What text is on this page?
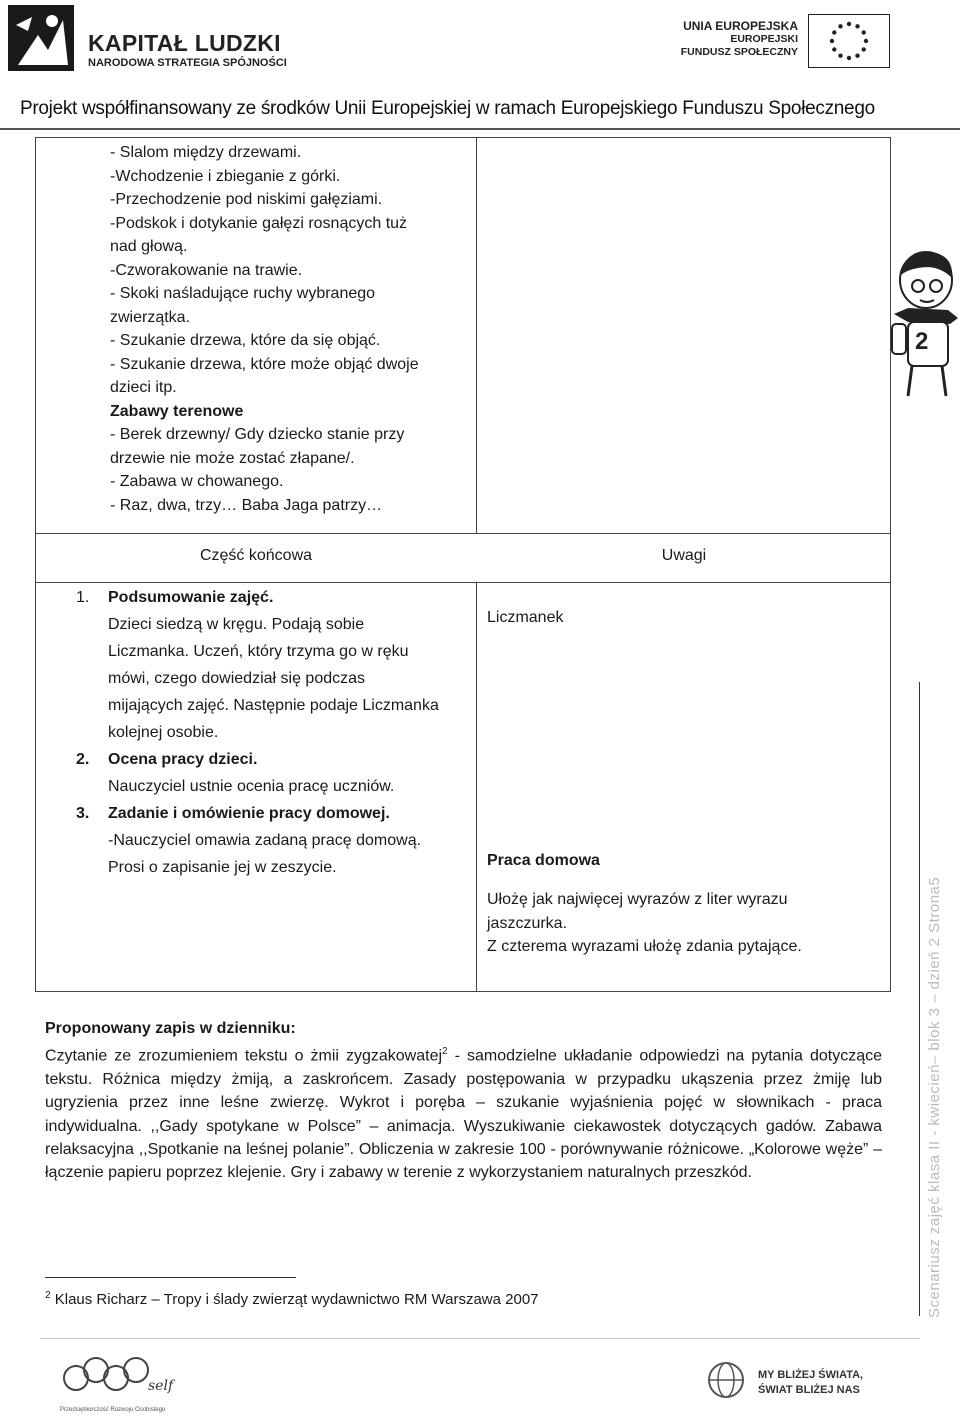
KAPITAŁ LUDZKI
NARODOWA STRATEGIA SPÓJNOŚCI
UNIA EUROPEJSKA
EUROPEJSKI
FUNDUSZ SPOŁECZNY
Projekt współfinansowany ze środków Unii Europejskiej w ramach Europejskiego Funduszu Społecznego

- Slalom między drzewami.

-Wchodzenie i zbieganie z górki.

-Przechodzenie pod niskimi gałęziami.

-Podskok i dotykanie gałęzi rosnących tuż

nad głową.

-Czworakowanie na trawie.

- Skoki naśladujące ruchy wybranego

zwierzątka.

- Szukanie drzewa, które da się objąć.

- Szukanie drzewa, które może objąć dwoje

dzieci itp.

Zabawy terenowe

- Berek drzewny/ Gdy dziecko stanie przy

drzewie nie może zostać złapane/.

- Zabawa w chowanego.

- Raz, dwa, trzy… Baba Jaga patrzy…

2
Część końcowa	Uwagi

1. Podsumowanie zajęć.

Dzieci siedzą w kręgu. Podają sobie

Liczmanka. Uczeń, który trzyma go w ręku

mówi, czego dowiedział się podczas

mijających zajęć. Następnie podaje Liczmanka

kolejnej osobie.

2. Ocena pracy dzieci.

Nauczyciel ustnie ocenia pracę uczniów.

3. Zadanie i omówienie pracy domowej.

-Nauczyciel omawia zadaną pracę domową.

Prosi o zapisanie jej w zeszycie.

Liczmanek
Praca domowa

Ułożę jak najwięcej wyrazów z liter wyrazu

jaszczurka.

Z czterema wyrazami ułożę zdania pytające.

Proponowany zapis w dzienniku:

Czytanie ze zrozumieniem tekstu o żmii zygzakowatej$^2$ - samodzielne układanie odpowiedzi na pytania dotyczące tekstu. Różnica między żmiją, a zaskrońcem. Zasady postępowania w przypadku ukąszenia przez żmiję lub ugryzienia przez inne leśne zwierzę. Wykrot i poręba – szukanie wyjaśnienia pojęć w słownikach - praca indywidualna. ,,Gady spotykane w Polsce” – animacja. Wyszukiwanie ciekawostek dotyczących gadów. Zabawa relaksacyjna ,,Spotkanie na leśnej polanie”. Obliczenia w zakresie 100 - porównywanie różnicowe. „Kolorowe węże” – łączenie papieru poprzez klejenie. Gry i zabawy w terenie z wykorzystaniem naturalnych przeszkód.

$^2$ Klaus Richarz – Tropy i ślady zwierząt wydawnictwo RM Warszawa 2007	Scenariusz zajęć klasa II - kwiecień– blok 3 – dzień 2 Strona5
self
Przedsiębiorczość Rozwoju Osobistego
MY BLIŻEJ ŚWIATA,
ŚWIAT BLIŻEJ NAS
